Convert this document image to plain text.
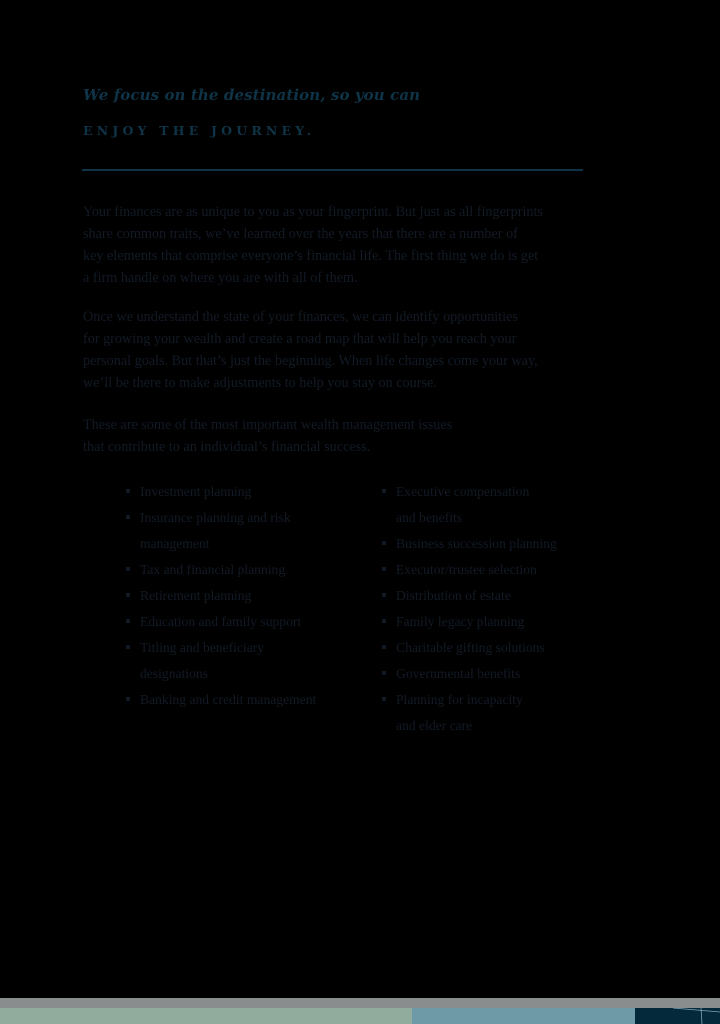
We focus on the destination, so you can
ENJOY THE JOURNEY.

Your finances are as unique to you as your fingerprint. But just as all fingerprints
share common traits, we’ve learned over the years that there are a number of
key elements that comprise everyone’s financial life. The first thing we do is get
a firm handle on where you are with all of them.

Once we understand the state of your finances, we can identify opportunities
for growing your wealth and create a road map that will help you reach your
personal goals. But that’s just the beginning. When life changes come your way,
we’ll be there to make adjustments to help you stay on course.

These are some of the most important wealth management issues
that contribute to an individual’s financial success.

Investment planning
Insurance planning and risk
management
Tax and financial planning
Retirement planning
Education and family support
Titling and beneficiary
designations
Banking and credit management
Executive compensation
and benefits
Business succession planning
Executor/trustee selection
Distribution of estate
Family legacy planning
Charitable gifting solutions
Governmental benefits
Planning for incapacity
and elder care
